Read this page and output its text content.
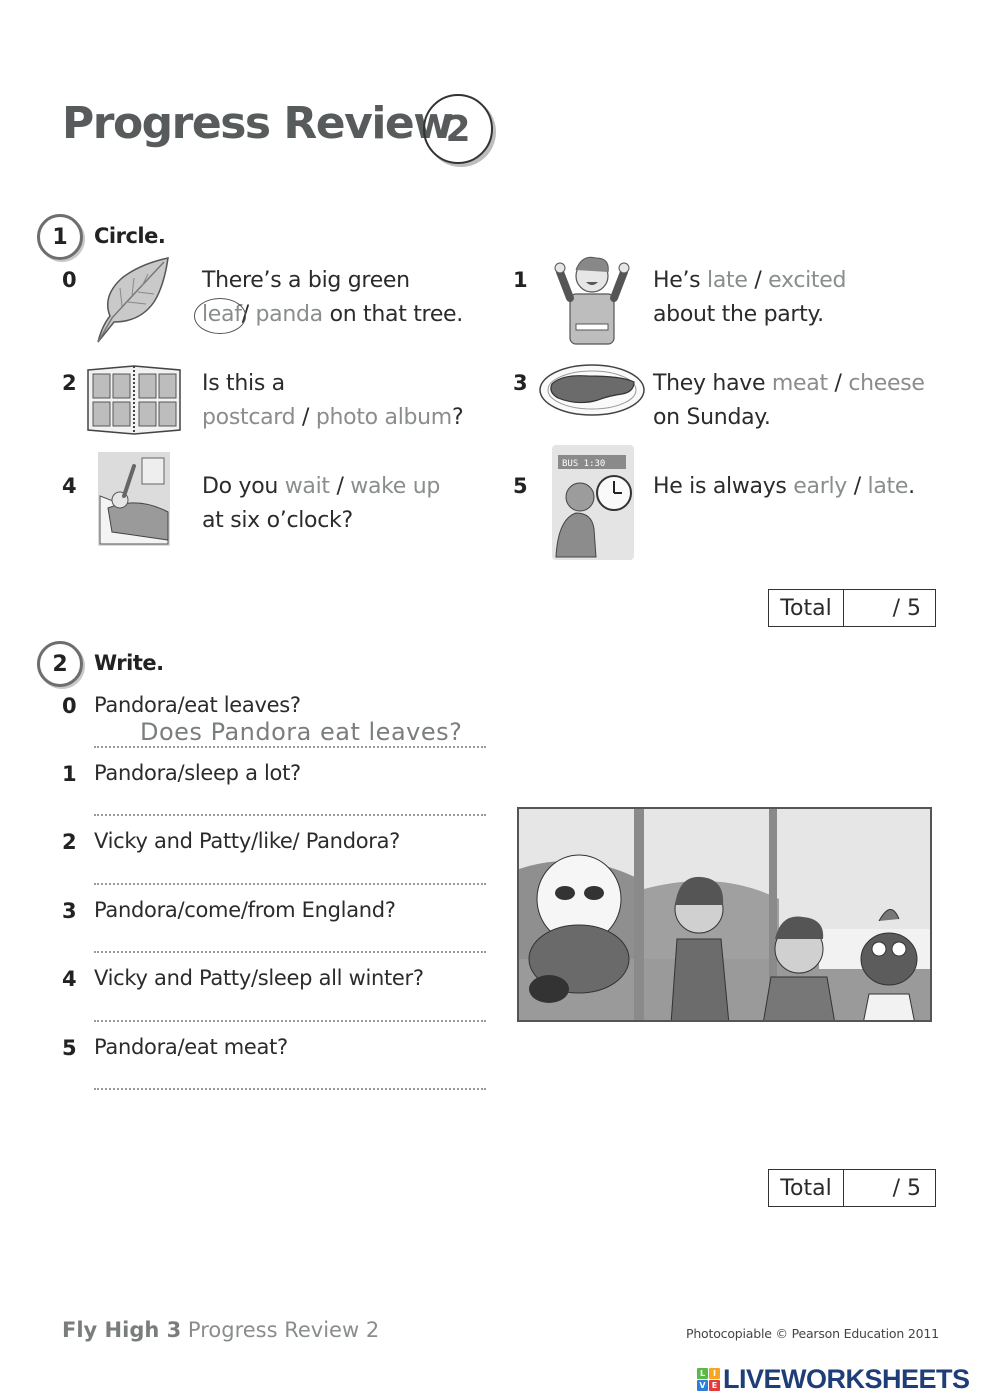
Progress Review
2
1	Circle.
0	There’s a big green
leaf/ panda on that tree.
1	He’s late / excited
about the party.
2	Is this a
postcard / photo album?
3	They have meat / cheese
on Sunday.
4	Do you wait / wake up
at six o’clock?
5
BUS 1:30
He is always early / late.
Total	/ 5
2	Write.
0 Pandora/eat leaves?
Does Pandora eat leaves?
1 Pandora/sleep a lot?
2 Vicky and Patty/like/ Pandora?
3 Pandora/come/from England?
4 Vicky and Patty/sleep all winter?
5 Pandora/eat meat?
Total	/ 5
Fly High 3 Progress Review 2	Photocopiable © Pearson Education 2011
L I
V E LIVEWORKSHEETS
